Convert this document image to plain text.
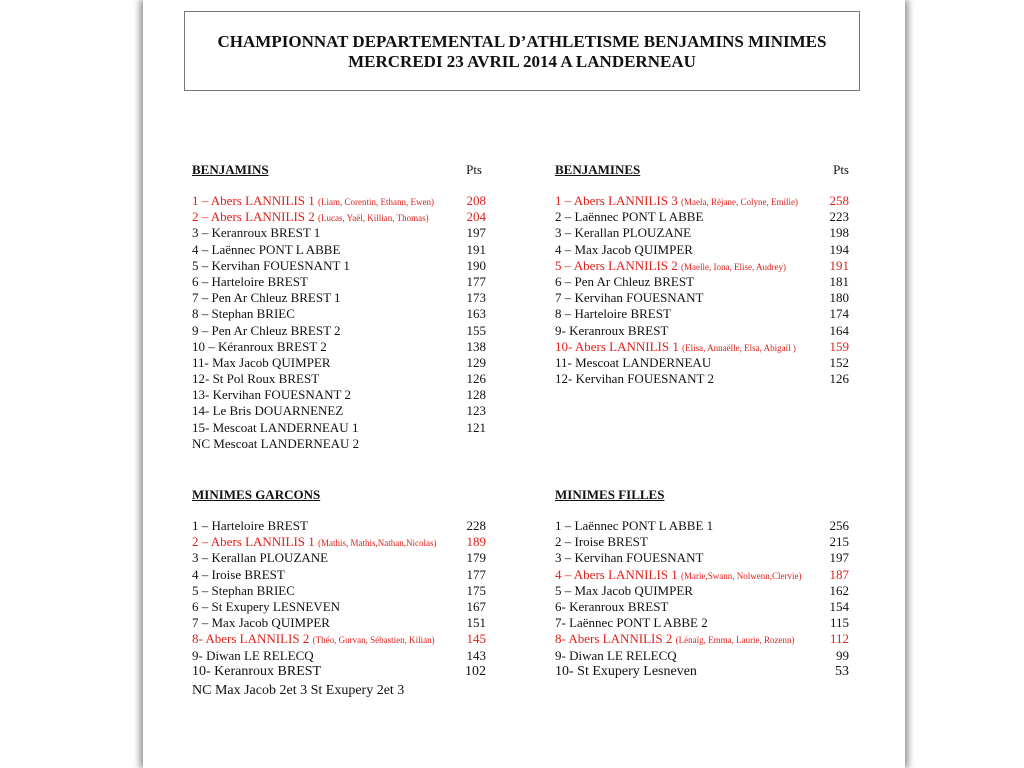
CHAMPIONNAT DEPARTEMENTAL D’ATHLETISME BENJAMINS MINIMES
MERCREDI 23 AVRIL 2014 A LANDERNEAU
BENJAMINS	Pts
1 – Abers LANNILIS 1 (Liam, Corentin, Ethann, Ewen)	208
2 – Abers LANNILIS 2 (Lucas, Yaël, Killian, Thomas)	204
3 – Keranroux BREST 1	197
4 – Laënnec PONT L ABBE	191
5 – Kervihan FOUESNANT 1	190
6 – Harteloire BREST	177
7 – Pen Ar Chleuz BREST 1	173
8 – Stephan BRIEC	163
9 – Pen Ar Chleuz BREST 2	155
10 – Kéranroux BREST 2	138
11- Max Jacob QUIMPER	129
12- St Pol Roux BREST	126
13- Kervihan FOUESNANT 2	128
14- Le Bris DOUARNENEZ	123
15- Mescoat LANDERNEAU 1	121
NC Mescoat LANDERNEAU 2
BENJAMINES	Pts
1 – Abers LANNILIS 3 (Maela, Réjane, Colyne, Emilie) 258
2 – Laënnec PONT L ABBE	223
3 – Kerallan PLOUZANE	198
4 – Max Jacob QUIMPER	194
5 – Abers LANNILIS 2 (Maelle, Iona, Elise, Audrey)	191
6 – Pen Ar Chleuz BREST	181
7 – Kervihan FOUESNANT	180
8 – Harteloire BREST	174
9- Keranroux BREST	164
10- Abers LANNILIS 1 (Elisa, Annaëlle, Elsa, Abigaïl )	159
11- Mescoat LANDERNEAU	152
12- Kervihan FOUESNANT 2	126
MINIMES GARCONS
1 – Harteloire BREST	228
2 – Abers LANNILIS 1 (Mathis, Mathis,Nathan,Nicolas) 189
3 – Kerallan PLOUZANE	179
4 – Iroise BREST	177
5 – Stephan BRIEC	175
6 – St Exupery LESNEVEN	167
7 – Max Jacob QUIMPER	151
8- Abers LANNILIS 2 (Théo, Gurvan, Sébastien, Kilian) 145
9- Diwan LE RELECQ	143
10- Keranroux BREST	102
MINIMES FILLES
1 – Laënnec PONT L ABBE 1	256
2 – Iroise BREST	215
3 – Kervihan FOUESNANT	197
4 – Abers LANNILIS 1 (Marie,Swann, Nolwenn,Clervie) 187
5 – Max Jacob QUIMPER	162
6- Keranroux BREST	154
7- Laënnec PONT L ABBE 2	115
8- Abers LANNILIS 2 (Lénaïg, Emma, Laurie, Rozenn)	112
9- Diwan LE RELECQ	99
10- St Exupery Lesneven	53
NC Max Jacob 2et 3 St Exupery 2et 3
